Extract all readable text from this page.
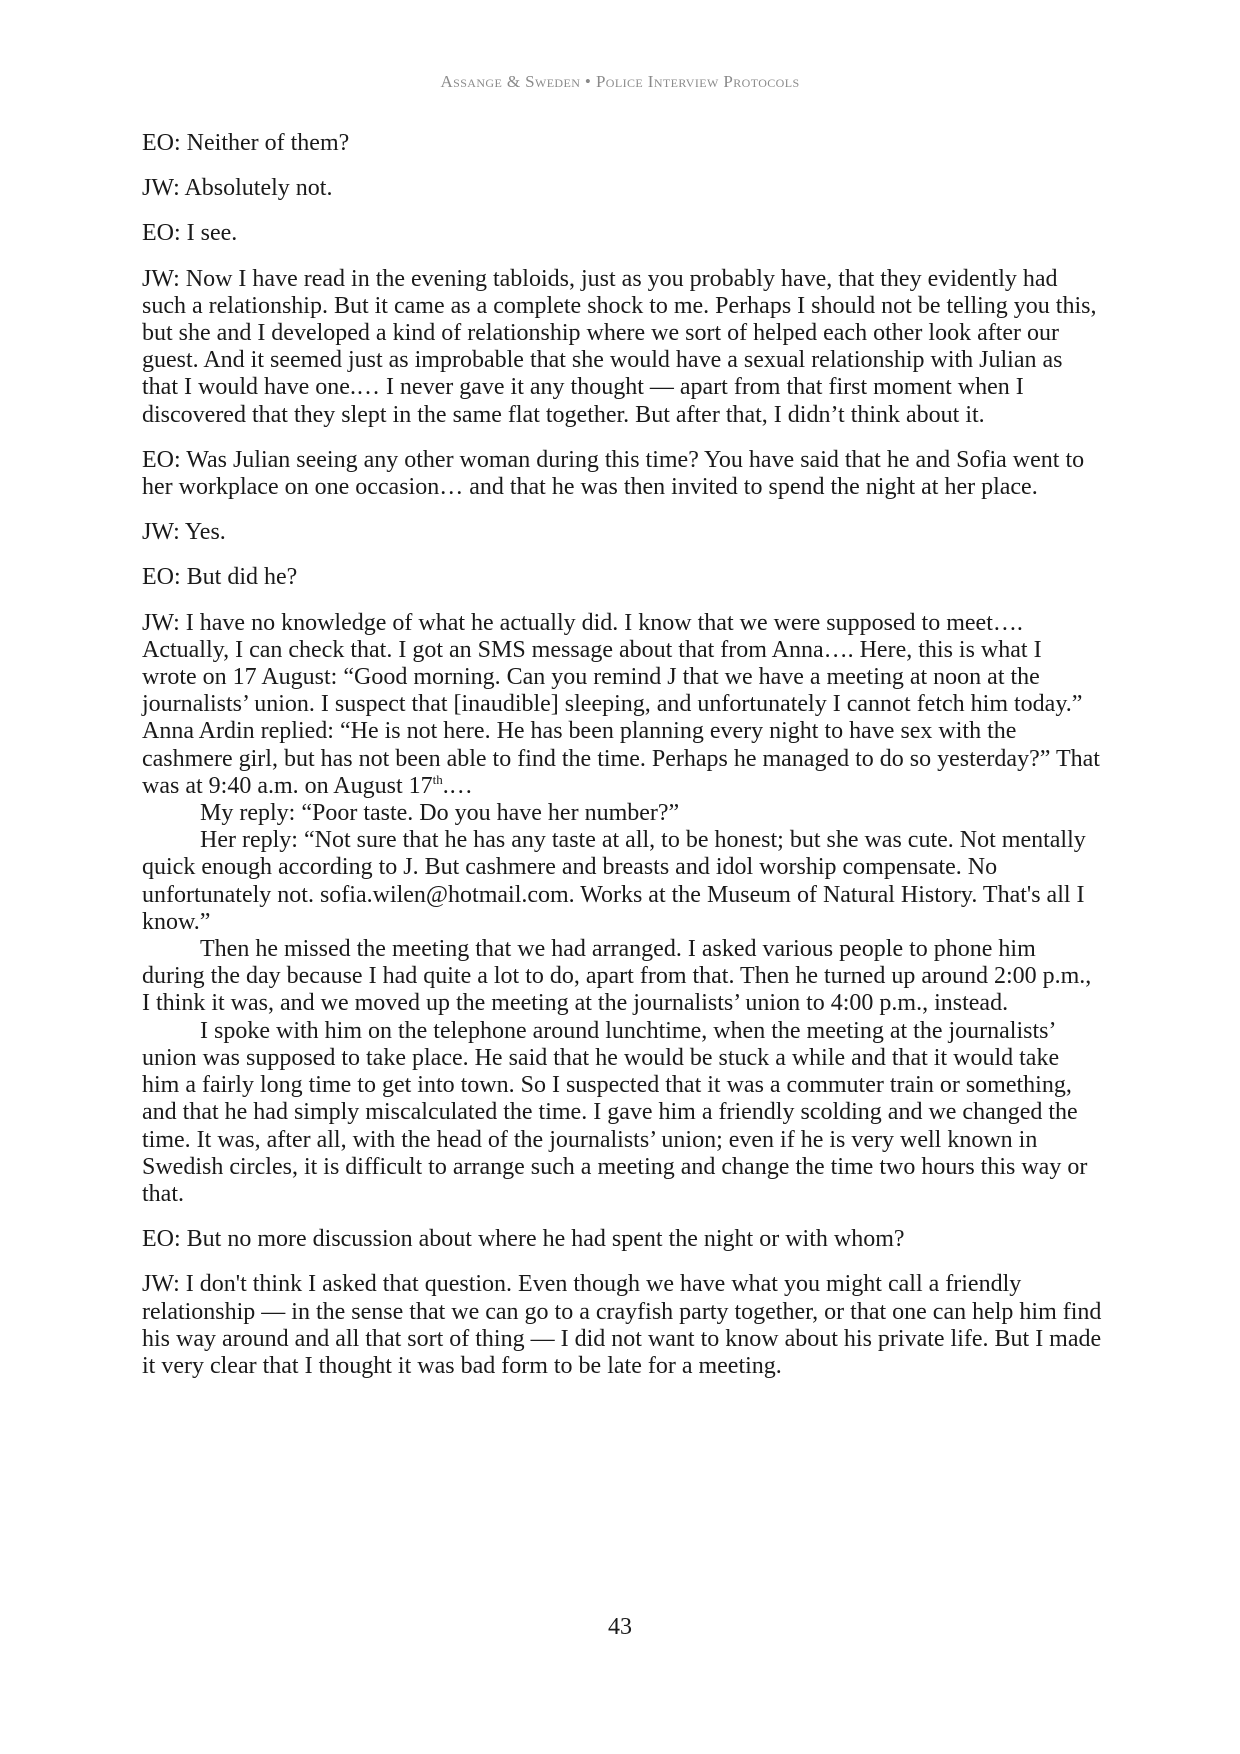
Assange & Sweden • Police Interview Protocols

EO: Neither of them?

JW: Absolutely not.

EO: I see.

JW: Now I have read in the evening tabloids, just as you probably have, that they evidently had such a relationship. But it came as a complete shock to me. Perhaps I should not be telling you this, but she and I developed a kind of relationship where we sort of helped each other look after our guest. And it seemed just as improbable that she would have a sexual relationship with Julian as that I would have one.… I never gave it any thought — apart from that first moment when I discovered that they slept in the same flat together. But after that, I didn’t think about it.

EO: Was Julian seeing any other woman during this time? You have said that he and Sofia went to her workplace on one occasion… and that he was then invited to spend the night at her place.

JW: Yes.

EO: But did he?

JW: I have no knowledge of what he actually did. I know that we were supposed to meet…. Actually, I can check that. I got an SMS message about that from Anna…. Here, this is what I wrote on 17 August: “Good morning. Can you remind J that we have a meeting at noon at the journalists’ union. I suspect that [inaudible] sleeping, and unfortunately I cannot fetch him today.” Anna Ardin replied: “He is not here. He has been planning every night to have sex with the cashmere girl, but has not been able to find the time. Perhaps he managed to do so yesterday?” That was at 9:40 a.m. on August 17th.…

My reply: “Poor taste. Do you have her number?”

Her reply: “Not sure that he has any taste at all, to be honest; but she was cute. Not mentally quick enough according to J. But cashmere and breasts and idol worship compensate. No unfortunately not. sofia.wilen@hotmail.com. Works at the Museum of Natural History. That's all I know.”

Then he missed the meeting that we had arranged. I asked various people to phone him during the day because I had quite a lot to do, apart from that. Then he turned up around 2:00 p.m., I think it was, and we moved up the meeting at the journalists’ union to 4:00 p.m., instead.

I spoke with him on the telephone around lunchtime, when the meeting at the journalists’ union was supposed to take place. He said that he would be stuck a while and that it would take him a fairly long time to get into town. So I suspected that it was a commuter train or something, and that he had simply miscalculated the time. I gave him a friendly scolding and we changed the time. It was, after all, with the head of the journalists’ union; even if he is very well known in Swedish circles, it is difficult to arrange such a meeting and change the time two hours this way or that.

EO: But no more discussion about where he had spent the night or with whom?

JW: I don't think I asked that question. Even though we have what you might call a friendly relationship — in the sense that we can go to a crayfish party together, or that one can help him find his way around and all that sort of thing — I did not want to know about his private life. But I made it very clear that I thought it was bad form to be late for a meeting.

43
